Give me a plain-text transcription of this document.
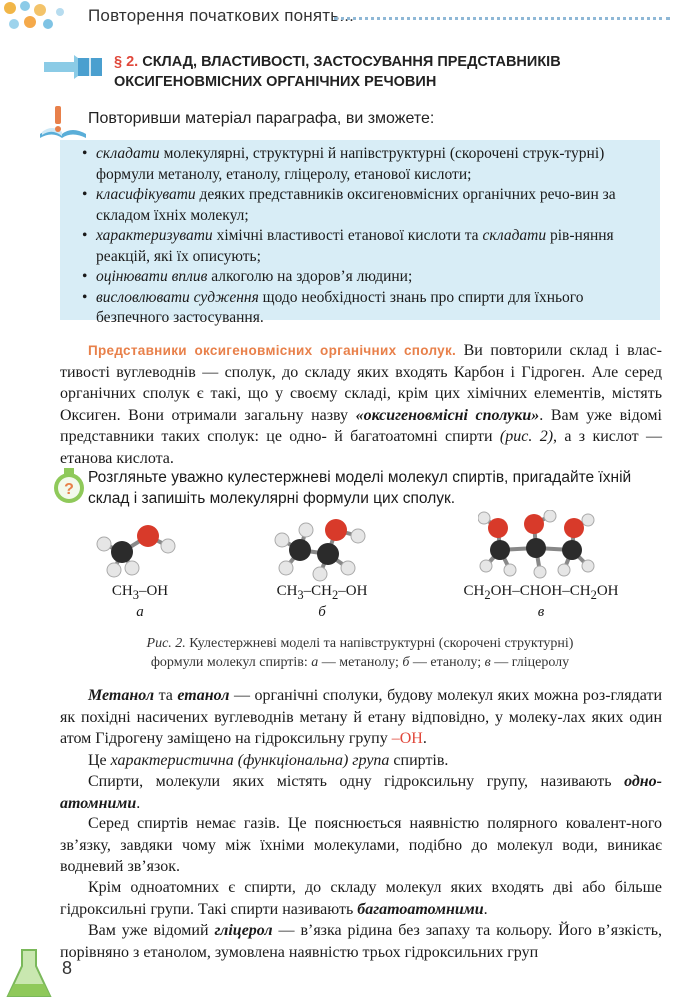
Повторення початкових понять...
§ 2. СКЛАД, ВЛАСТИВОСТІ, ЗАСТОСУВАННЯ ПРЕДСТАВНИКІВ
ОКСИГЕНОВМІСНИХ ОРГАНІЧНИХ РЕЧОВИН
Повторивши матеріал параграфа, ви зможете:
• складати молекулярні, структурні й напівструктурні (скорочені струк-турні) формули метанолу, етанолу, гліцеролу, етанової кислоти;
• класифікувати деяких представників оксигеновмісних органічних речо-вин за складом їхніх молекул;
• характеризувати хімічні властивості етанової кислоти та складати рів-няння реакцій, які їх описують;
• оцінювати вплив алкоголю на здоров’я людини;
• висловлювати судження щодо необхідності знань про спирти для їхнього безпечного застосування.
Представники оксигеновмісних органічних сполук. Ви повторили склад і влас-тивості вуглеводнів — сполук, до складу яких входять Карбон і Гідроген. Але серед органічних сполук є такі, що у своєму складі, крім цих хімічних елементів, містять Оксиген. Вони отримали загальну назву «оксигеновмісні сполуки». Вам уже відомі представники таких сполук: це одно- й багатоатомні спирти (рис. 2), а з кислот — етанова кислота.
?
Розгляньте уважно кулестержневі моделі молекул спиртів, пригадайте їхній склад і запишіть молекулярні формули цих сполук.
$CH_3-OH$
а
$CH_3-CH_2-OH$
б
$CH_2OH-CHOH-CH_2OH$
в
Рис. 2. Кулестержневі моделі та напівструктурні (скорочені структурні)
формули молекул спиртів: а — метанолу; б — етанолу; в — гліцеролу
Метанол та етанол — органічні сполуки, будову молекул яких можна роз-глядати як похідні насичених вуглеводнів метану й етану відповідно, у молеку-лах яких один атом Гідрогену заміщено на гідроксильну групу –OH.
Це характеристична (функціональна) група спиртів.
Спирти, молекули яких містять одну гідроксильну групу, називають одно-атомними.
Серед спиртів немає газів. Це пояснюється наявністю полярного ковалент-ного зв’язку, завдяки чому між їхніми молекулами, подібно до молекул води, виникає водневий зв’язок.
Крім одноатомних є спирти, до складу молекул яких входять дві або більше гідроксильні групи. Такі спирти називають багатоатомними.
Вам уже відомий гліцерол — в’язка рідина без запаху та кольору. Його в’язкість, порівняно з етанолом, зумовлена наявністю трьох гідроксильних груп
8
